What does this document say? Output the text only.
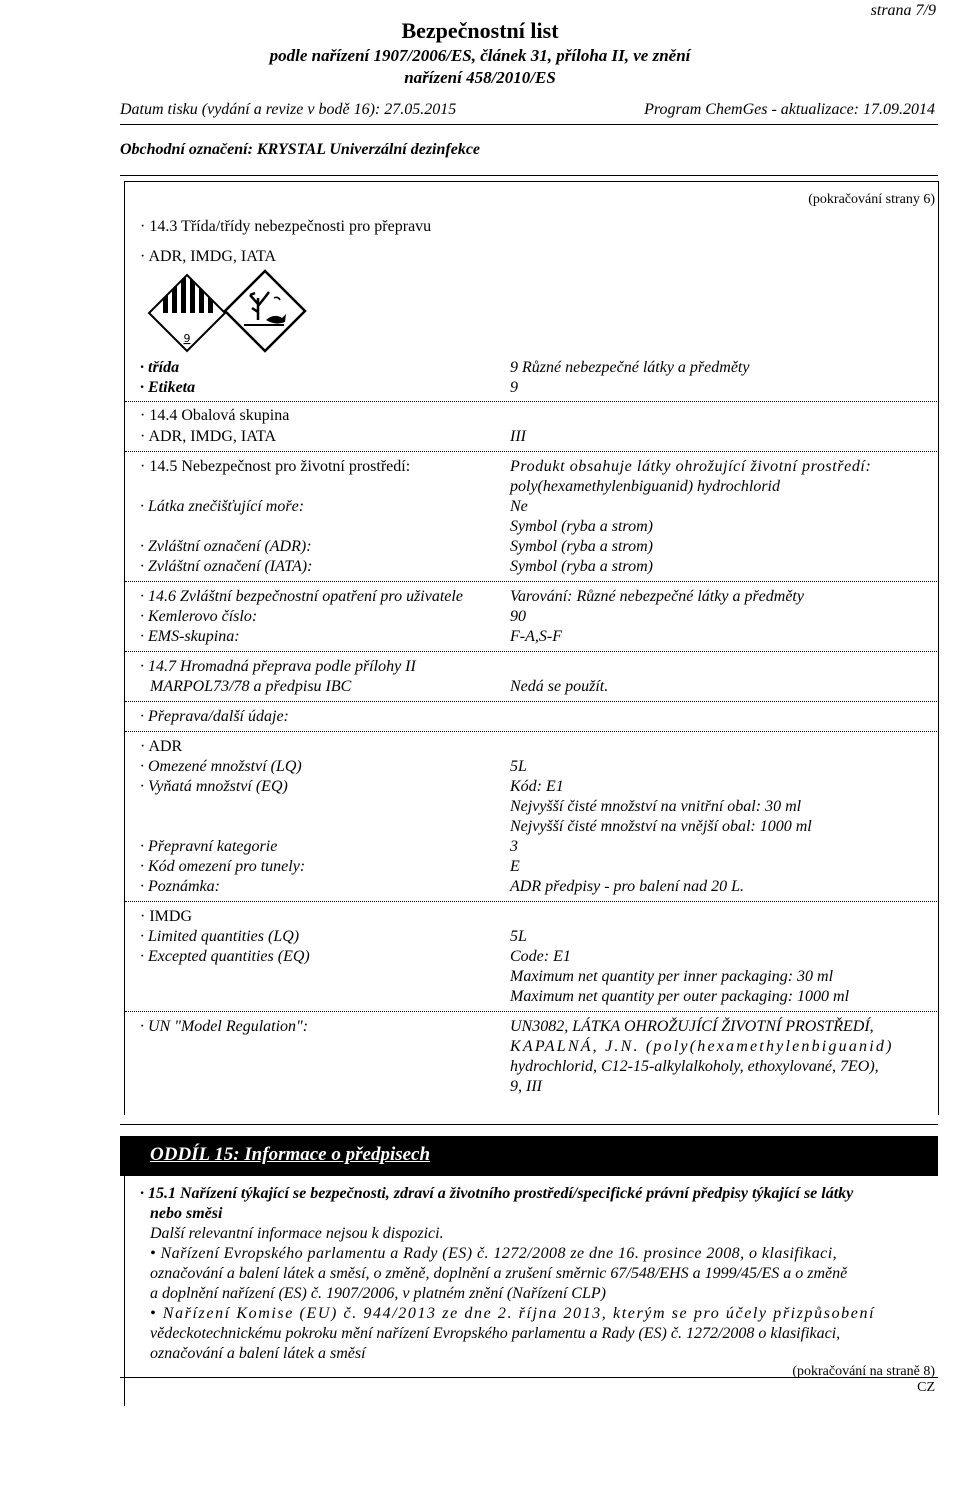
strana 7/9
Bezpečnostní list
podle nařízení 1907/2006/ES, článek 31, příloha II, ve znění
nařízení 458/2010/ES
Datum tisku (vydání a revize v bodě 16): 27.05.2015	Program ChemGes - aktualizace: 17.09.2014
Obchodní označení: KRYSTAL Univerzální dezinfekce
(pokračování strany 6)
· 14.3 Třída/třídy nebezpečnosti pro přepravu
· ADR, IMDG, IATA
9
· třída	9 Různé nebezpečné látky a předměty
· Etiketa	9
· 14.4 Obalová skupina
· ADR, IMDG, IATA	III
· 14.5 Nebezpečnost pro životní prostředí:	Produkt obsahuje látky ohrožující životní prostředí:
poly(hexamethylenbiguanid) hydrochlorid
· Látka znečišťující moře:	Ne
Symbol (ryba a strom)
· Zvláštní označení (ADR):	Symbol (ryba a strom)
· Zvláštní označení (IATA):	Symbol (ryba a strom)
· 14.6 Zvláštní bezpečnostní opatření pro uživatele	Varování: Různé nebezpečné látky a předměty
· Kemlerovo číslo:	90
· EMS-skupina:	F-A,S-F
· 14.7 Hromadná přeprava podle přílohy II
MARPOL73/78 a předpisu IBC	Nedá se použít.
· Přeprava/další údaje:
· ADR
· Omezené množství (LQ)	5L
· Vyňatá množství (EQ)	Kód: E1
Nejvyšší čisté množství na vnitřní obal: 30 ml
Nejvyšší čisté množství na vnější obal: 1000 ml
· Přepravní kategorie	3
· Kód omezení pro tunely:	E
· Poznámka:	ADR předpisy - pro balení nad 20 L.
· IMDG
· Limited quantities (LQ)	5L
· Excepted quantities (EQ)	Code: E1
Maximum net quantity per inner packaging: 30 ml
Maximum net quantity per outer packaging: 1000 ml
· UN "Model Regulation":	UN3082, LÁTKA OHROŽUJÍCÍ ŽIVOTNÍ PROSTŘEDÍ,
KAPALNÁ, J.N. (poly(hexamethylenbiguanid)
hydrochlorid, C12-15-alkylalkoholy, ethoxylované, 7EO),
9, III
ODDÍL 15: Informace o předpisech
· 15.1 Nařízení týkající se bezpečnosti, zdraví a životního prostředí/specifické právní předpisy týkající se látky
nebo směsi
Další relevantní informace nejsou k dispozici.
• Nařízení Evropského parlamentu a Rady (ES) č. 1272/2008 ze dne 16. prosince 2008, o klasifikaci,
označování a balení látek a směsí, o změně, doplnění a zrušení směrnic 67/548/EHS a 1999/45/ES a o změně
a doplnění nařízení (ES) č. 1907/2006, v platném znění (Nařízení CLP)
• Nařízení Komise (EU) č. 944/2013 ze dne 2. října 2013, kterým se pro účely přizpůsobení
vědeckotechnickému pokroku mění nařízení Evropského parlamentu a Rady (ES) č. 1272/2008 o klasifikaci,
označování a balení látek a směsí
(pokračování na straně 8)
CZ
